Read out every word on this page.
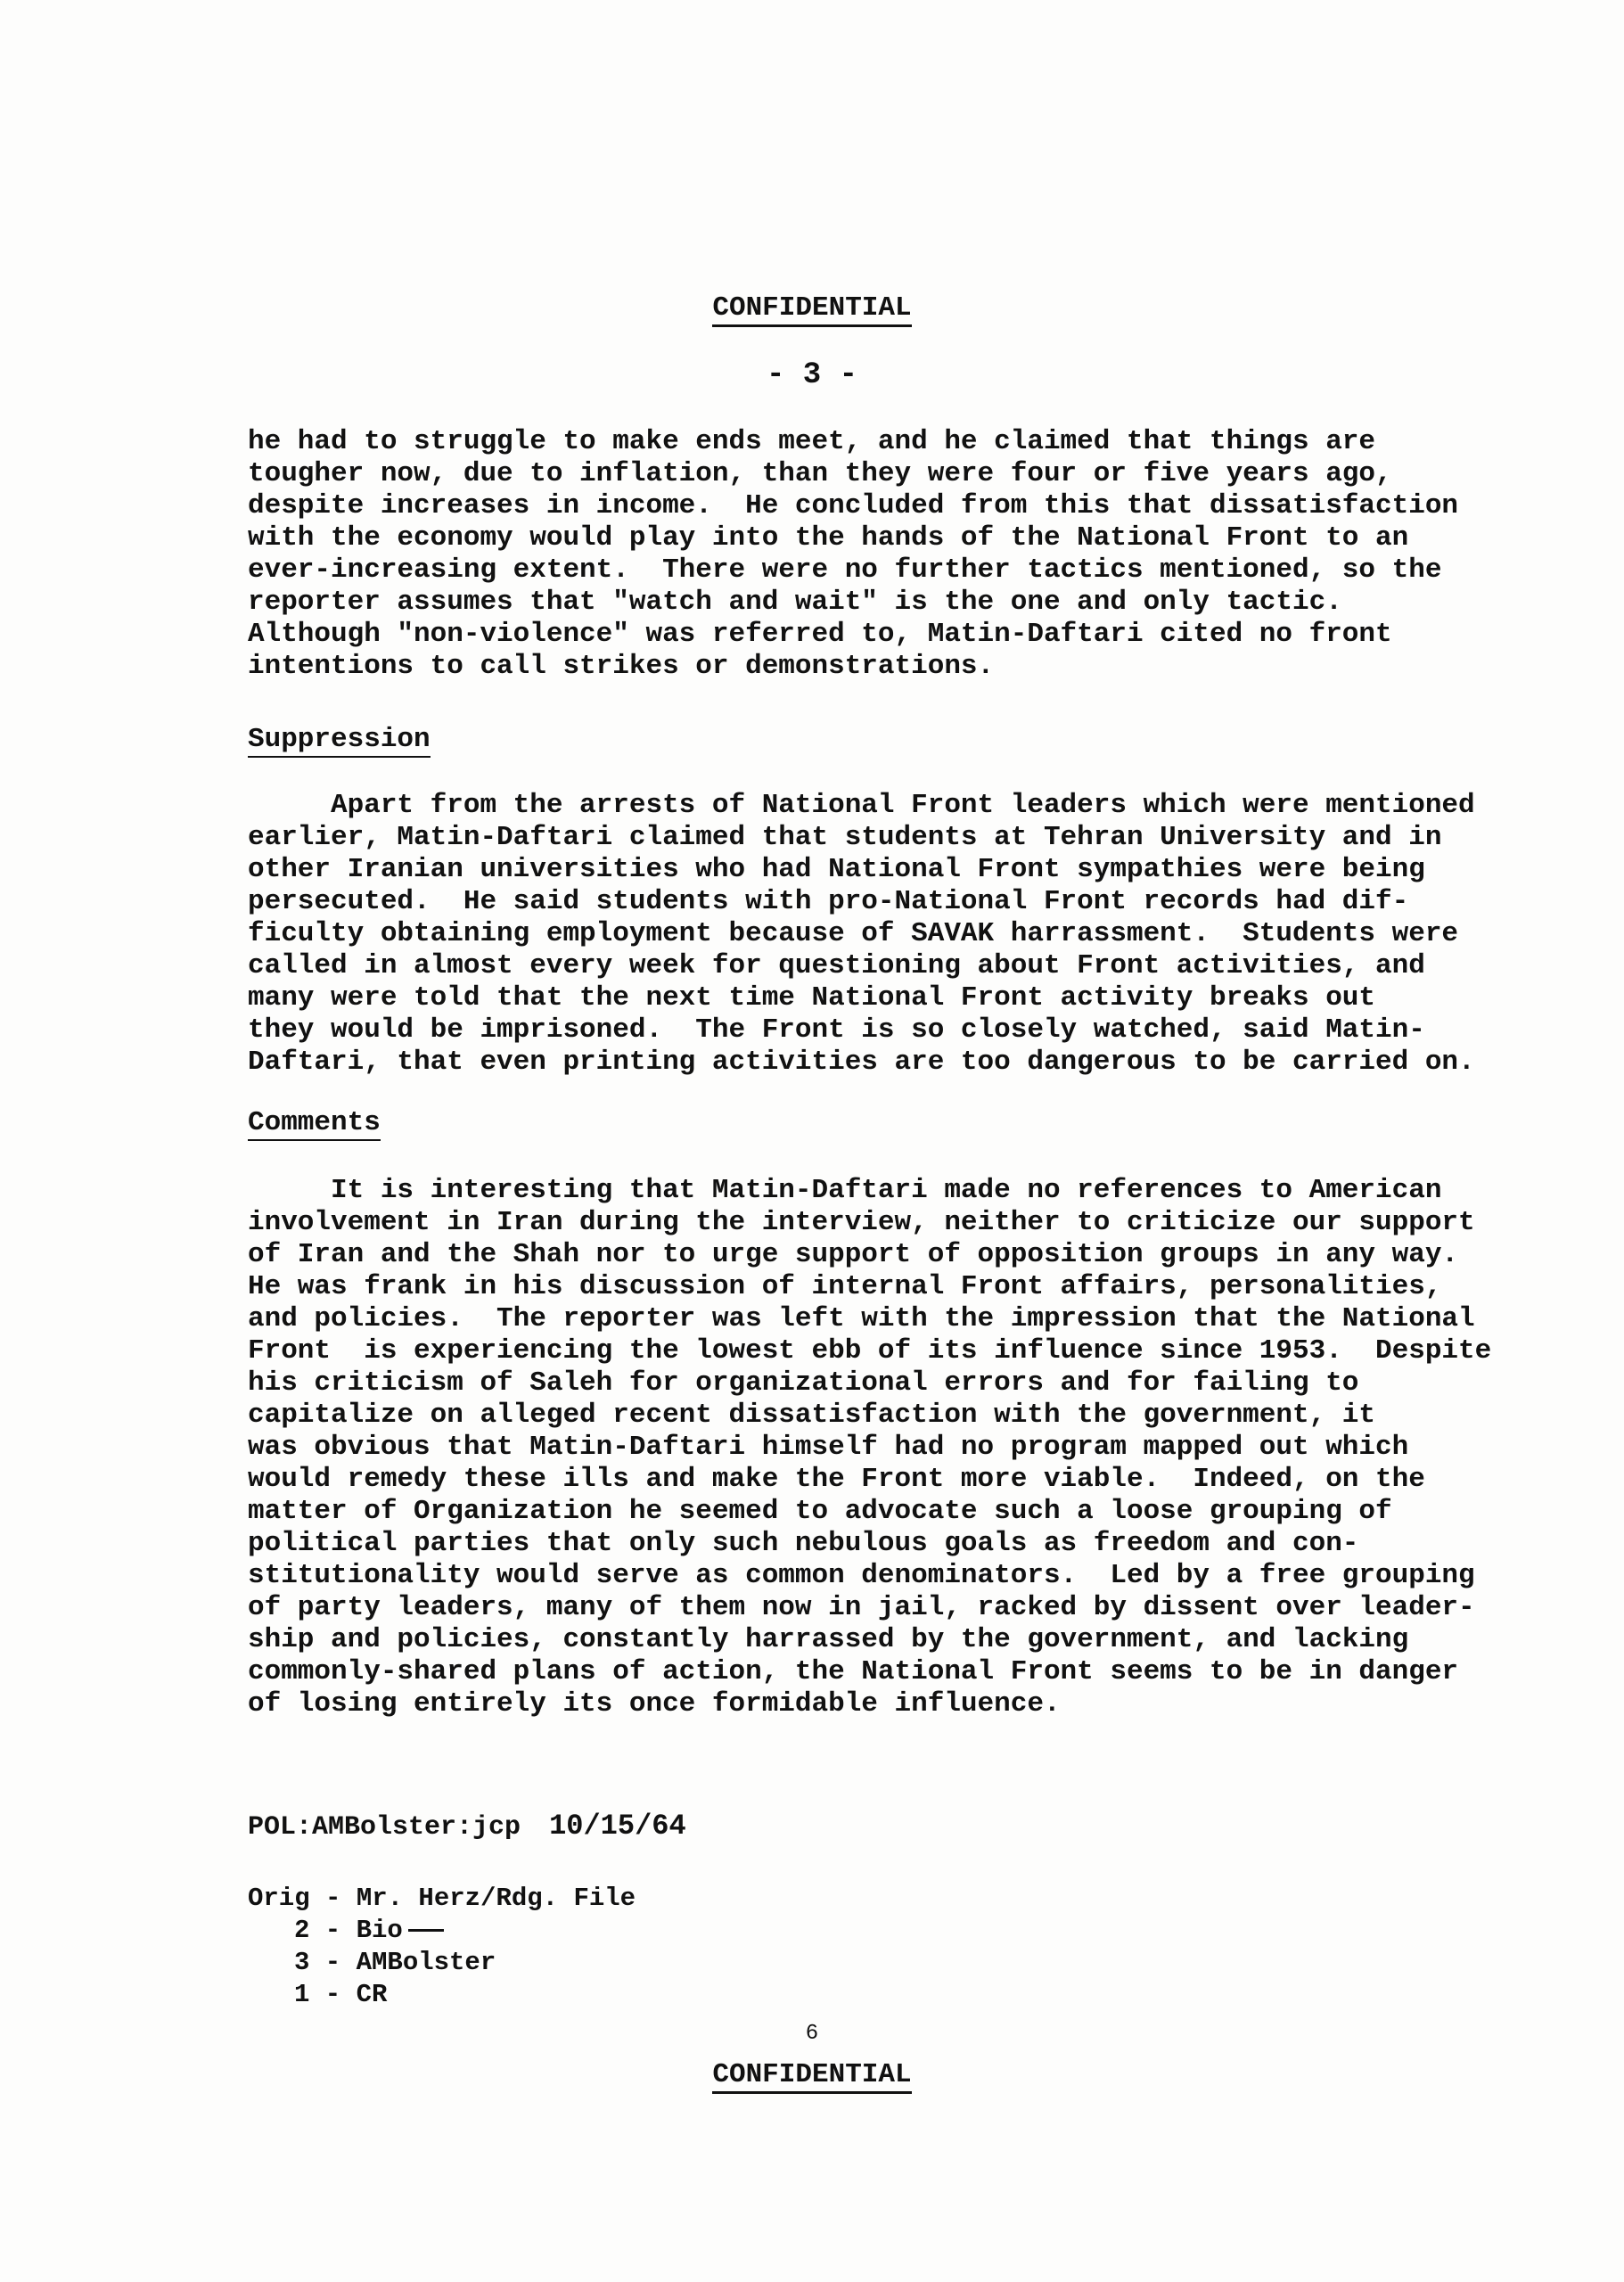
CONFIDENTIAL
- 3 -
he had to struggle to make ends meet, and he claimed that things are
tougher now, due to inflation, than they were four or five years ago,
despite increases in income.  He concluded from this that dissatisfaction
with the economy would play into the hands of the National Front to an
ever-increasing extent.  There were no further tactics mentioned, so the
reporter assumes that "watch and wait" is the one and only tactic.
Although "non-violence" was referred to, Matin-Daftari cited no front
intentions to call strikes or demonstrations.
Suppression
Apart from the arrests of National Front leaders which were mentioned
earlier, Matin-Daftari claimed that students at Tehran University and in
other Iranian universities who had National Front sympathies were being
persecuted.  He said students with pro-National Front records had dif-
ficulty obtaining employment because of SAVAK harrassment.  Students were
called in almost every week for questioning about Front activities, and
many were told that the next time National Front activity breaks out
they would be imprisoned.  The Front is so closely watched, said Matin-
Daftari, that even printing activities are too dangerous to be carried on.
Comments
It is interesting that Matin-Daftari made no references to American
involvement in Iran during the interview, neither to criticize our support
of Iran and the Shah nor to urge support of opposition groups in any way.
He was frank in his discussion of internal Front affairs, personalities,
and policies.  The reporter was left with the impression that the National
Front  is experiencing the lowest ebb of its influence since 1953.  Despite
his criticism of Saleh for organizational errors and for failing to
capitalize on alleged recent dissatisfaction with the government, it
was obvious that Matin-Daftari himself had no program mapped out which
would remedy these ills and make the Front more viable.  Indeed, on the
matter of Organization he seemed to advocate such a loose grouping of
political parties that only such nebulous goals as freedom and con-
stitutionality would serve as common denominators.  Led by a free grouping
of party leaders, many of them now in jail, racked by dissent over leader-
ship and policies, constantly harrassed by the government, and lacking
commonly-shared plans of action, the National Front seems to be in danger
of losing entirely its once formidable influence.
POL:AMBolster:jcp 10/15/64
Orig - Mr. Herz/Rdg. File
2 - Bio
3 - AMBolster
1 - CR
6
CONFIDENTIAL
